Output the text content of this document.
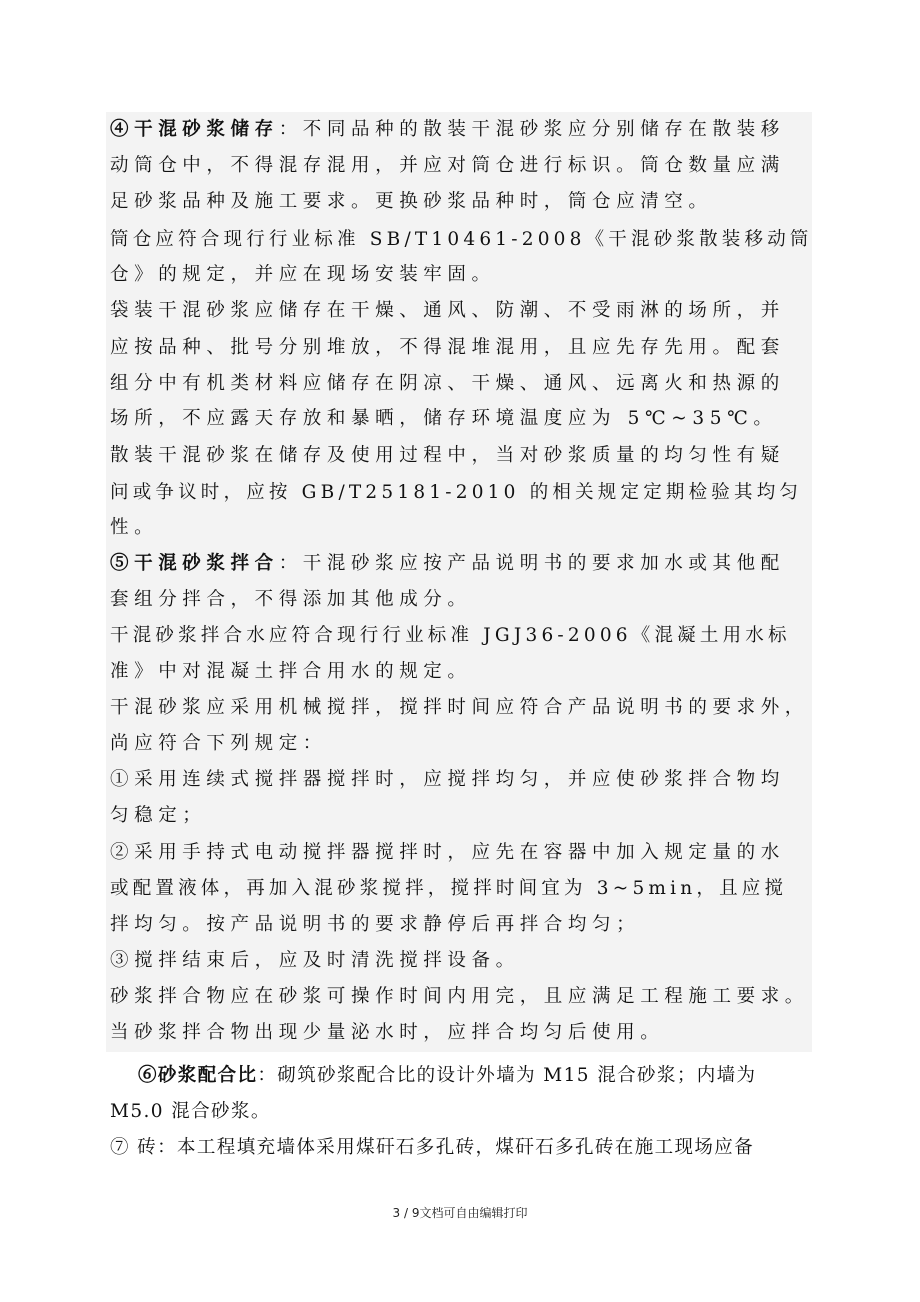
④干混砂浆储存：不同品种的散装干混砂浆应分别储存在散装移
动筒仓中，不得混存混用，并应对筒仓进行标识。筒仓数量应满
足砂浆品种及施工要求。更换砂浆品种时，筒仓应清空。
筒仓应符合现行行业标准 SB/T10461-2008《干混砂浆散装移动筒
仓》的规定，并应在现场安装牢固。
袋装干混砂浆应储存在干燥、通风、防潮、不受雨淋的场所，并
应按品种、批号分别堆放，不得混堆混用，且应先存先用。配套
组分中有机类材料应储存在阴凉、干燥、通风、远离火和热源的
场所，不应露天存放和暴晒，储存环境温度应为 5℃~35℃。
散装干混砂浆在储存及使用过程中，当对砂浆质量的均匀性有疑
问或争议时，应按 GB/T25181-2010 的相关规定定期检验其均匀
性。
⑤干混砂浆拌合：干混砂浆应按产品说明书的要求加水或其他配
套组分拌合，不得添加其他成分。
干混砂浆拌合水应符合现行行业标准 JGJ36-2006《混凝土用水标
准》中对混凝土拌合用水的规定。
干混砂浆应采用机械搅拌，搅拌时间应符合产品说明书的要求外，
尚应符合下列规定：
①采用连续式搅拌器搅拌时，应搅拌均匀，并应使砂浆拌合物均
匀稳定；
②采用手持式电动搅拌器搅拌时，应先在容器中加入规定量的水
或配置液体，再加入混砂浆搅拌，搅拌时间宜为 3~5min，且应搅
拌均匀。按产品说明书的要求静停后再拌合均匀；
③搅拌结束后，应及时清洗搅拌设备。
砂浆拌合物应在砂浆可操作时间内用完，且应满足工程施工要求。
当砂浆拌合物出现少量泌水时，应拌合均匀后使用。
⑥砂浆配合比：砌筑砂浆配合比的设计外墙为 M15 混合砂浆；内墙为
M5.0 混合砂浆。
⑦ 砖：本工程填充墙体采用煤矸石多孔砖，煤矸石多孔砖在施工现场应备
3 / 9文档可自由编辑打印
